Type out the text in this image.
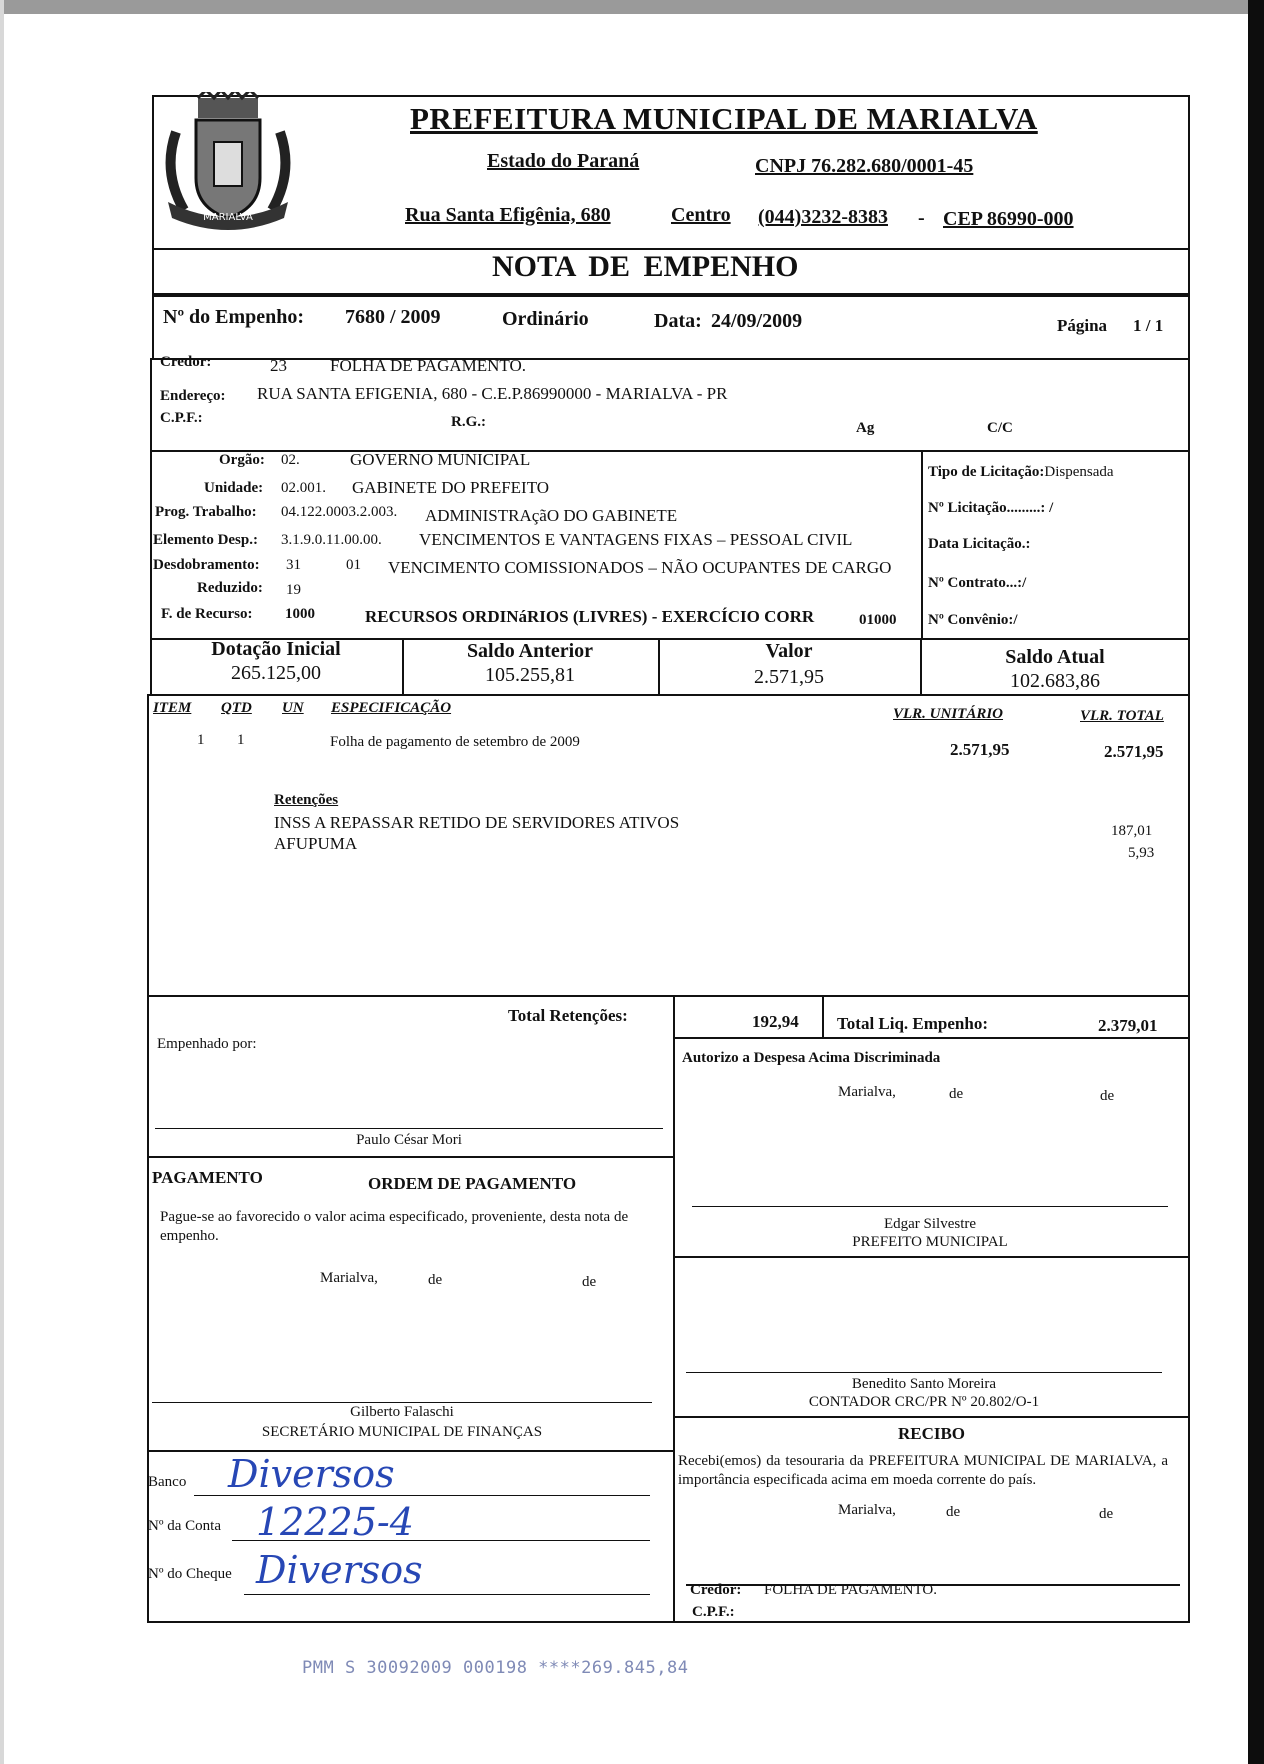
MARIALVA
PREFEITURA MUNICIPAL DE MARIALVA
Estado do Paraná	CNPJ 76.282.680/0001-45
Rua Santa Efigênia, 680	Centro (044)3232-8383 - CEP 86990-000
NOTA DE EMPENHO
Nº do Empenho: 7680 / 2009	Ordinário	Data: 24/09/2009	Página 1 / 1
Credor:	23	FOLHA DE PAGAMENTO.
Endereço: RUA SANTA EFIGENIA, 680 - C.E.P.86990000 - MARIALVA - PR
C.P.F.:	R.G.:	Ag	C/C
Orgão: 02.	GOVERNO MUNICIPAL
Unidade: 02.001. GABINETE DO PREFEITO
Prog. Trabalho: 04.122.0003.2.003. ADMINISTRAçãO DO GABINETE
Elemento Desp.: 3.1.9.0.11.00.00. VENCIMENTOS E VANTAGENS FIXAS – PESSOAL CIVIL
Desdobramento: 31	01 VENCIMENTO COMISSIONADOS – NÃO OCUPANTES DE CARGO
Reduzido: 19
F. de Recurso: 1000	RECURSOS ORDINáRIOS (LIVRES) - EXERCÍCIO CORR	01000
Tipo de Licitação:Dispensada
Nº Licitação.........: /
Data Licitação.:
Nº Contrato...:/
Nº Convênio:/
Dotação Inicial
265.125,00
Saldo Anterior
105.255,81
Valor
2.571,95
Saldo Atual
102.683,86
ITEM QTD UN ESPECIFICAÇÃO	VLR. UNITÁRIO	VLR. TOTAL
1 1	Folha de pagamento de setembro de 2009	2.571,95	2.571,95
Retenções
INSS A REPASSAR RETIDO DE SERVIDORES ATIVOS
AFUPUMA
187,01
5,93
Total Retenções:	192,94 Total Liq. Empenho:	2.379,01
Empenhado por:
Paulo César Mori
PAGAMENTO	ORDEM DE PAGAMENTO
Pague-se ao favorecido o valor acima especificado, proveniente, desta nota de empenho.
Marialva,	de	de
Gilberto Falaschi
SECRETÁRIO MUNICIPAL DE FINANÇAS
Banco Diversos
Nº da Conta 12225-4
Nº do Cheque Diversos
Autorizo a Despesa Acima Discriminada
Marialva,	de	de
Edgar Silvestre
PREFEITO MUNICIPAL
Benedito Santo Moreira
CONTADOR CRC/PR Nº 20.802/O-1
RECIBO
Recebi(emos) da tesouraria da PREFEITURA MUNICIPAL DE MARIALVA, a importância especificada acima em moeda corrente do país.
Marialva,	de	de
Credor: FOLHA DE PAGAMENTO.
C.P.F.:
PMM S 30092009 000198 ****269.845,84
